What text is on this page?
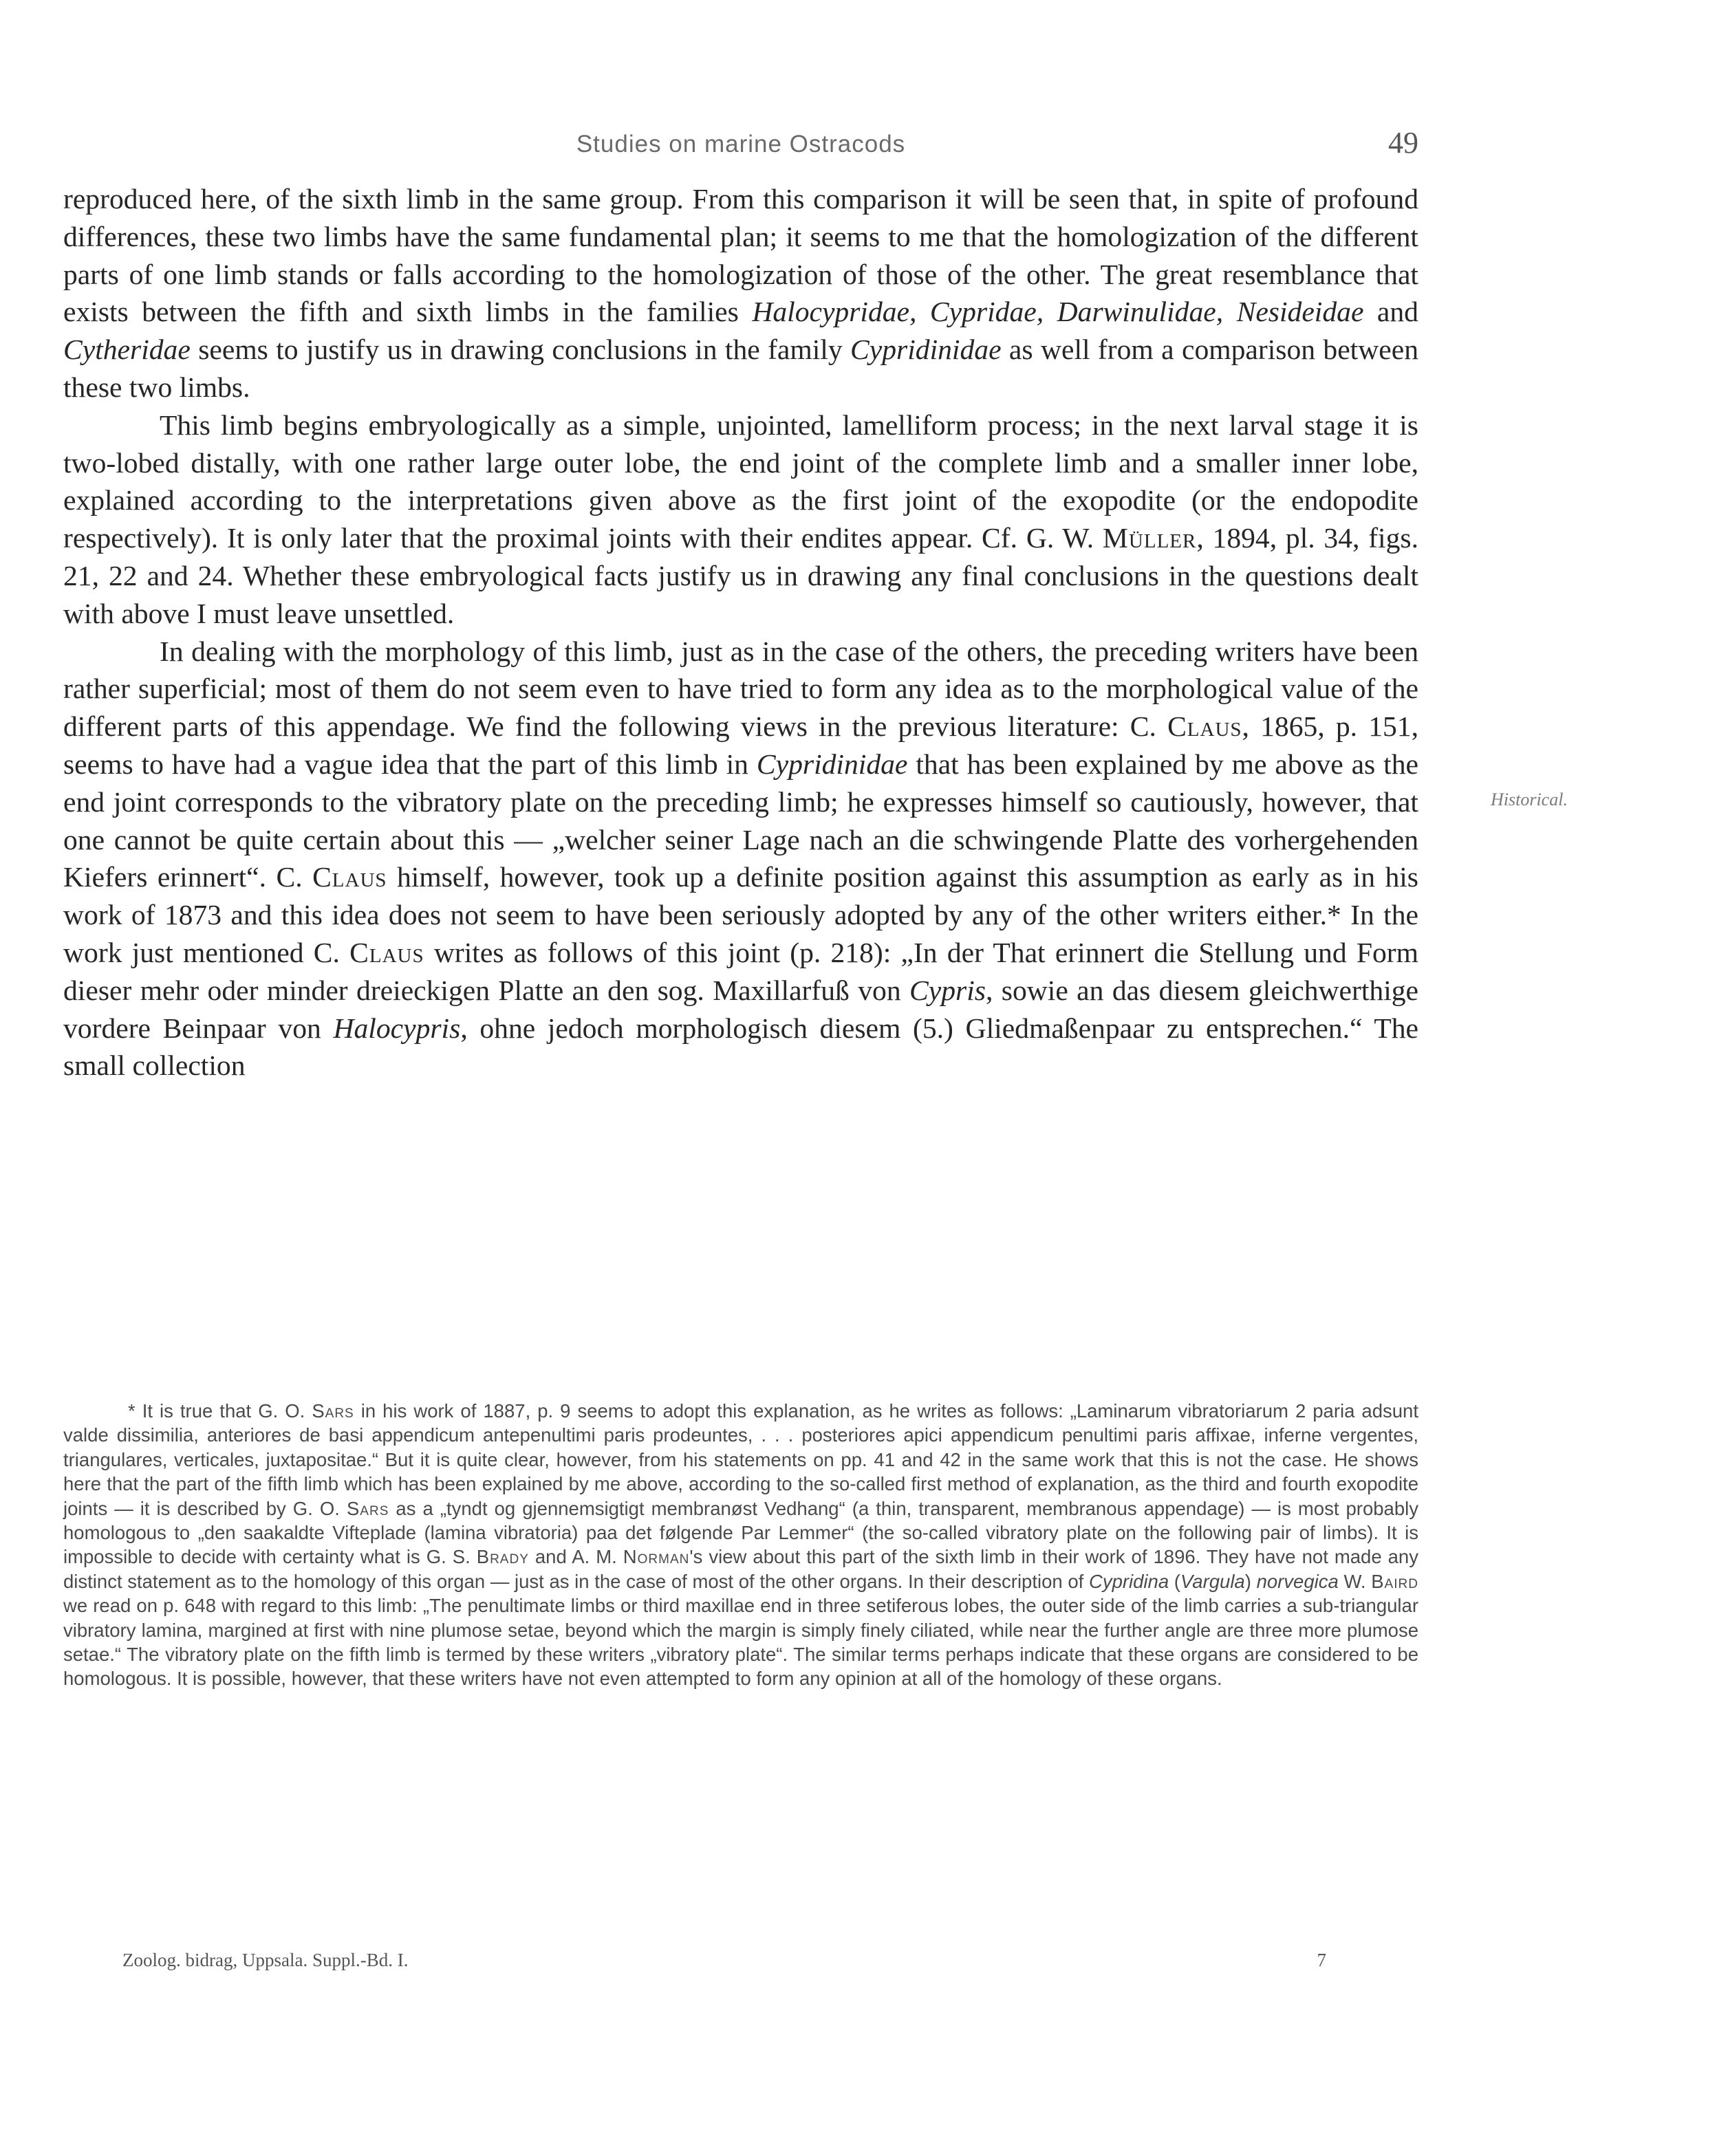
Studies on marine Ostracods	49
Historical.

reproduced here, of the sixth limb in the same group. From this comparison it will be seen that, in spite of profound differences, these two limbs have the same fundamental plan; it seems to me that the homologization of the different parts of one limb stands or falls according to the homologization of those of the other. The great resemblance that exists between the fifth and sixth limbs in the families Halocypridae, Cypridae, Darwinulidae, Nesideidae and Cytheridae seems to justify us in drawing conclusions in the family Cypridinidae as well from a comparison between these two limbs.

This limb begins embryologically as a simple, unjointed, lamelliform process; in the next larval stage it is two-lobed distally, with one rather large outer lobe, the end joint of the complete limb and a smaller inner lobe, explained according to the interpretations given above as the first joint of the exopodite (or the endopodite respectively). It is only later that the proximal joints with their endites appear. Cf. G. W. Müller, 1894, pl. 34, figs. 21, 22 and 24. Whether these embryological facts justify us in drawing any final conclusions in the questions dealt with above I must leave unsettled.

In dealing with the morphology of this limb, just as in the case of the others, the preceding writers have been rather superficial; most of them do not seem even to have tried to form any idea as to the morphological value of the different parts of this appendage. We find the following views in the previous literature: C. Claus, 1865, p. 151, seems to have had a vague idea that the part of this limb in Cypridinidae that has been explained by me above as the end joint corresponds to the vibratory plate on the preceding limb; he expresses himself so cautiously, however, that one cannot be quite certain about this — „welcher seiner Lage nach an die schwingende Platte des vorhergehenden Kiefers erinnert“. C. Claus himself, however, took up a definite position against this assumption as early as in his work of 1873 and this idea does not seem to have been seriously adopted by any of the other writers either.* In the work just mentioned C. Claus writes as follows of this joint (p. 218): „In der That erinnert die Stellung und Form dieser mehr oder minder dreieckigen Platte an den sog. Maxillarfuß von Cypris, sowie an das diesem gleichwerthige vordere Beinpaar von Halocypris, ohne jedoch morphologisch diesem (5.) Gliedmaßenpaar zu entsprechen.“ The small collection

* It is true that G. O. Sars in his work of 1887, p. 9 seems to adopt this explanation, as he writes as follows: „Laminarum vibratoriarum 2 paria adsunt valde dissimilia, anteriores de basi appendicum antepenultimi paris prodeuntes, . . . posteriores apici appendicum penultimi paris affixae, inferne vergentes, triangulares, verticales, juxtapositae.“ But it is quite clear, however, from his statements on pp. 41 and 42 in the same work that this is not the case. He shows here that the part of the fifth limb which has been explained by me above, according to the so-called first method of explanation, as the third and fourth exopodite joints — it is described by G. O. Sars as a „tyndt og gjennemsigtigt membranøst Vedhang“ (a thin, transparent, membranous appendage) — is most probably homologous to „den saakaldte Vifteplade (lamina vibratoria) paa det følgende Par Lemmer“ (the so-called vibratory plate on the following pair of limbs). It is impossible to decide with certainty what is G. S. Brady and A. M. Norman's view about this part of the sixth limb in their work of 1896. They have not made any distinct statement as to the homology of this organ — just as in the case of most of the other organs. In their description of Cypridina (Vargula) norvegica W. Baird we read on p. 648 with regard to this limb: „The penultimate limbs or third maxillae end in three setiferous lobes, the outer side of the limb carries a sub-triangular vibratory lamina, margined at first with nine plumose setae, beyond which the margin is simply finely ciliated, while near the further angle are three more plumose setae.“ The vibratory plate on the fifth limb is termed by these writers „vibratory plate“. The similar terms perhaps indicate that these organs are considered to be homologous. It is possible, however, that these writers have not even attempted to form any opinion at all of the homology of these organs.

Zoolog. bidrag, Uppsala. Suppl.-Bd. I.	7
